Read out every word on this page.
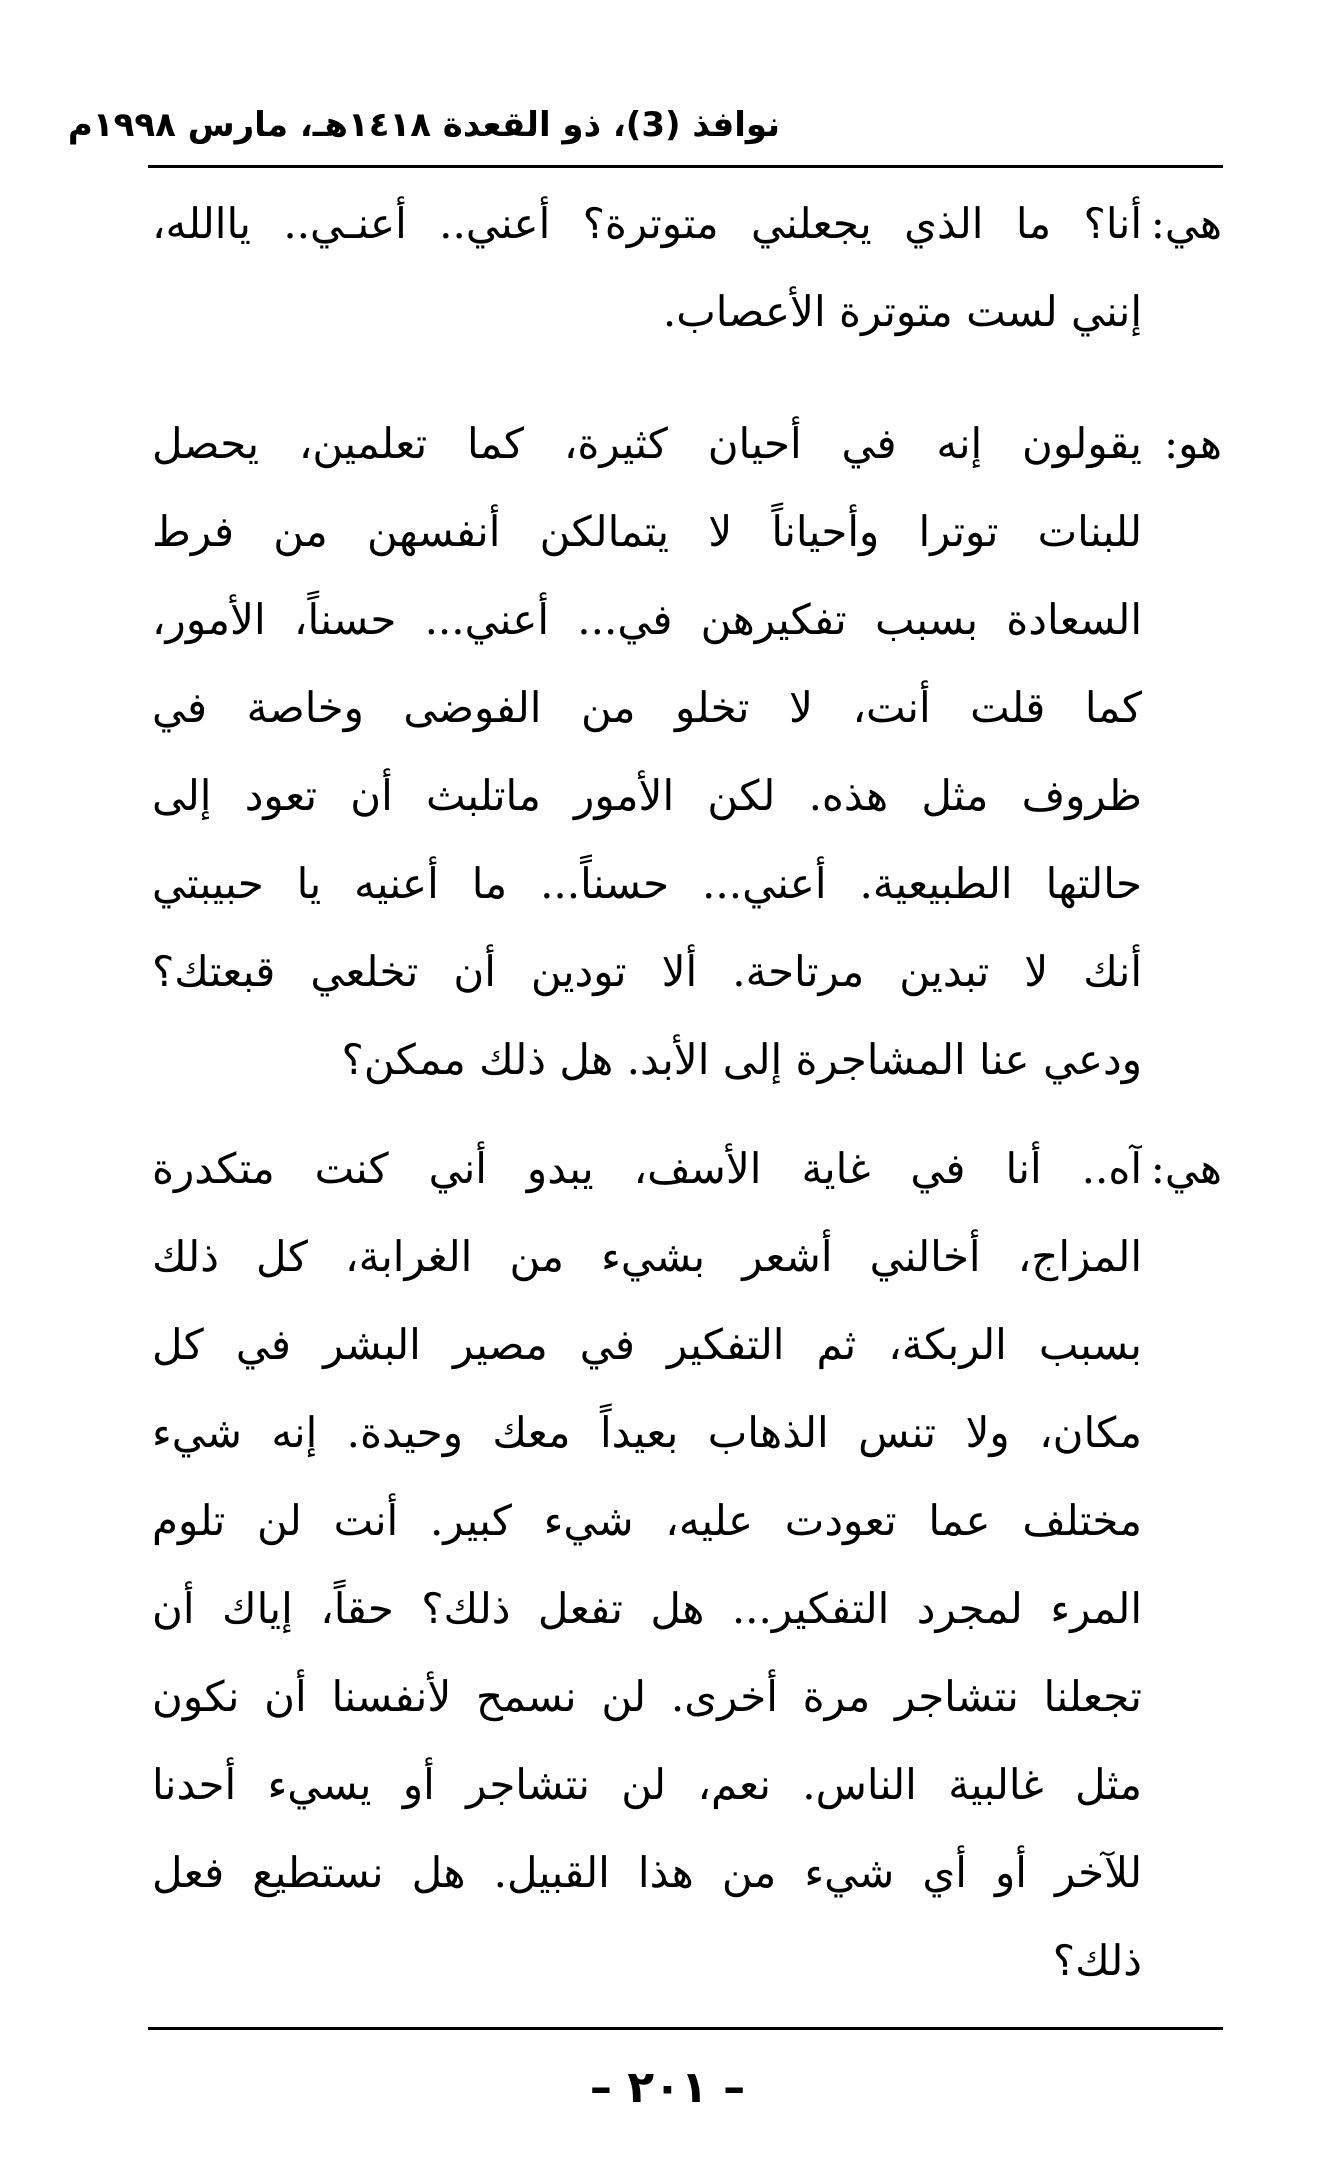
نوافذ (3)، ذو القعدة ١٤١٨هـ، مارس ١٩٩٨م
هي:
أنا؟ ما الذي يجعلني متوترة؟ أعني.. أعنـي.. ياالله،
إنني لست متوترة الأعصاب.
هو:
يقولون إنه في أحيان كثيرة، كما تعلمين، يحصل
للبنات توترا وأحياناً لا يتمالكن أنفسهن من فرط
السعادة بسبب تفكيرهن في... أعني... حسناً، الأمور،
كما قلت أنت، لا تخلو من الفوضى وخاصة في
ظروف مثل هذه. لكن الأمور ماتلبث أن تعود إلى
حالتها الطبيعية. أعني... حسناً... ما أعنيه يا حبيبتي
أنك لا تبدين مرتاحة. ألا تودين أن تخلعي قبعتك؟
ودعي عنا المشاجرة إلى الأبد. هل ذلك ممكن؟
هي:
آه.. أنا في غاية الأسف، يبدو أني كنت متكدرة
المزاج، أخالني أشعر بشيء من الغرابة، كل ذلك
بسبب الربكة، ثم التفكير في مصير البشر في كل
مكان، ولا تنس الذهاب بعيداً معك وحيدة. إنه شيء
مختلف عما تعودت عليه، شيء كبير. أنت لن تلوم
المرء لمجرد التفكير... هل تفعل ذلك؟ حقاً، إياك أن
تجعلنا نتشاجر مرة أخرى. لن نسمح لأنفسنا أن نكون
مثل غالبية الناس. نعم، لن نتشاجر أو يسيء أحدنا
للآخر أو أي شيء من هذا القبيل. هل نستطيع فعل
ذلك؟
– ٢٠١ –
